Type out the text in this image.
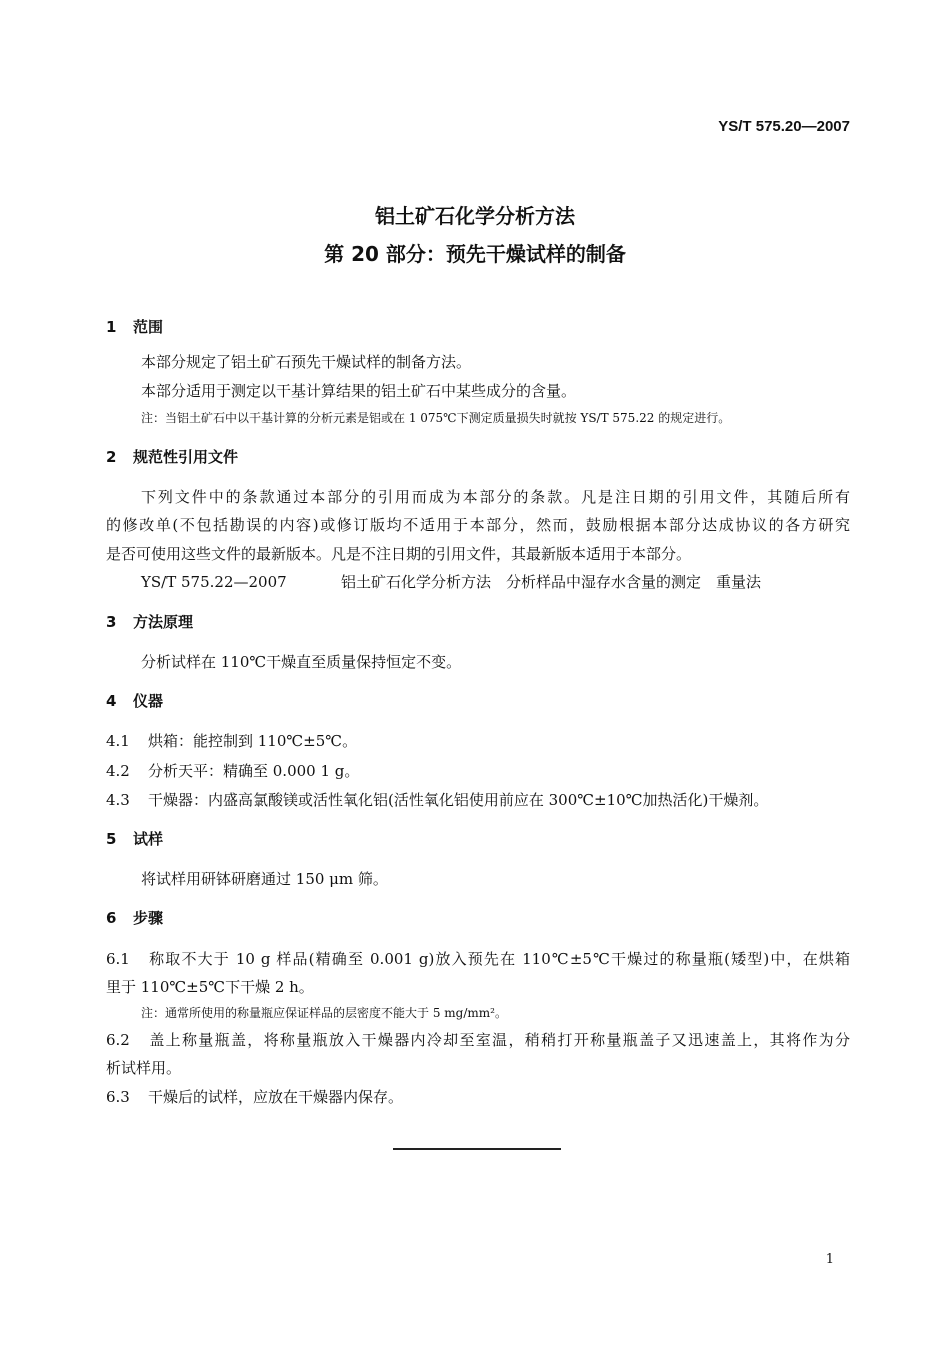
YS/T 575.20—2007
铝土矿石化学分析方法
第 20 部分：预先干燥试样的制备
1 范围
本部分规定了铝土矿石预先干燥试样的制备方法。
本部分适用于测定以干基计算结果的铝土矿石中某些成分的含量。
注：当铝土矿石中以干基计算的分析元素是铝或在 1 075℃下测定质量损失时就按 YS/T 575.22 的规定进行。
2 规范性引用文件
下列文件中的条款通过本部分的引用而成为本部分的条款。凡是注日期的引用文件，其随后所有
的修改单(不包括勘误的内容)或修订版均不适用于本部分，然而，鼓励根据本部分达成协议的各方研究
是否可使用这些文件的最新版本。凡是不注日期的引用文件，其最新版本适用于本部分。
YS/T 575.22—2007	铝土矿石化学分析方法　分析样品中湿存水含量的测定　重量法
3 方法原理
分析试样在 110℃干燥直至质量保持恒定不变。
4 仪器
4.1 烘箱：能控制到 110℃±5℃。
4.2 分析天平：精确至 0.000 1 g。
4.3 干燥器：内盛高氯酸镁或活性氧化铝(活性氧化铝使用前应在 300℃±10℃加热活化)干燥剂。
5 试样
将试样用研钵研磨通过 150 μm 筛。
6 步骤
6.1 称取不大于 10 g 样品(精确至 0.001 g)放入预先在 110℃±5℃干燥过的称量瓶(矮型)中，在烘箱
里于 110℃±5℃下干燥 2 h。
注：通常所使用的称量瓶应保证样品的层密度不能大于 5 mg/mm²。
6.2 盖上称量瓶盖，将称量瓶放入干燥器内冷却至室温，稍稍打开称量瓶盖子又迅速盖上，其将作为分
析试样用。
6.3 干燥后的试样，应放在干燥器内保存。
1
